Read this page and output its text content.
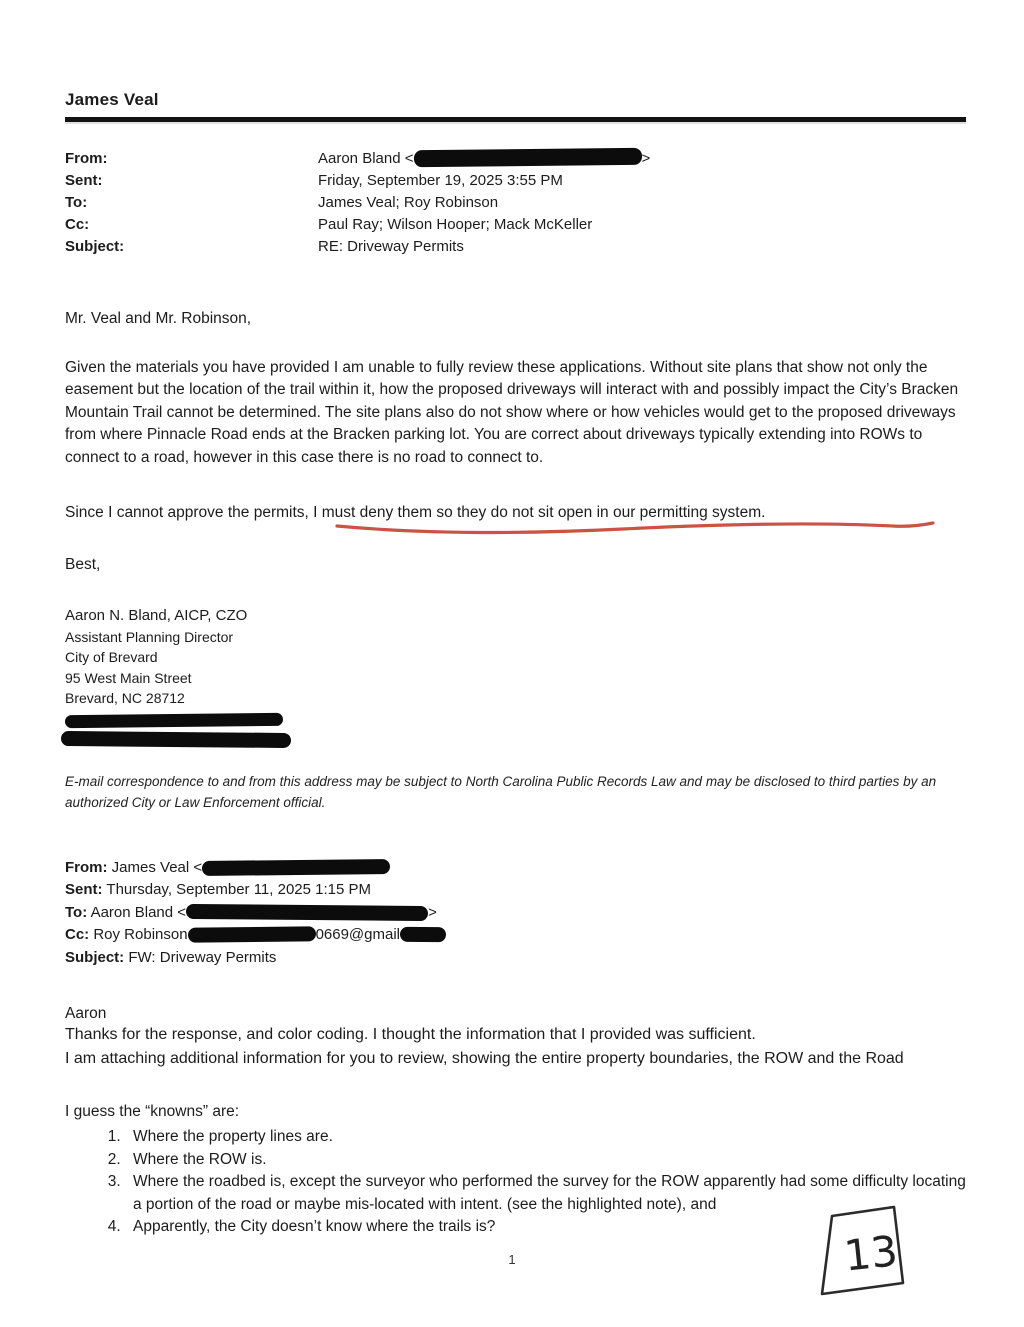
James Veal
From:	Aaron Bland <	>
Sent:	Friday, September 19, 2025 3:55 PM
To:	James Veal; Roy Robinson
Cc:	Paul Ray; Wilson Hooper; Mack McKeller
Subject:	RE: Driveway Permits
Mr. Veal and Mr. Robinson,
Given the materials you have provided I am unable to fully review these applications. Without site plans that show not only the easement but the location of the trail within it, how the proposed driveways will interact with and possibly impact the City’s Bracken Mountain Trail cannot be determined. The site plans also do not show where or how vehicles would get to the proposed driveways from where Pinnacle Road ends at the Bracken parking lot. You are correct about driveways typically extending into ROWs to connect to a road, however in this case there is no road to connect to.
Since I cannot approve the permits, I must deny them so they do not sit open in our permitting system.
Best,
Aaron N. Bland, AICP, CZO
Assistant Planning Director
City of Brevard
95 West Main Street
Brevard, NC 28712
E-mail correspondence to and from this address may be subject to North Carolina Public Records Law and may be disclosed to third parties by an authorized City or Law Enforcement official.
From: James Veal <
Sent: Thursday, September 11, 2025 1:15 PM
To: Aaron Bland <	>
Cc: Roy Robinson	0669@gmail
Subject: FW: Driveway Permits
Aaron
Thanks for the response, and color coding. I thought the information that I provided was sufficient.
I am attaching additional information for you to review, showing the entire property boundaries, the ROW and the Road
I guess the “knowns” are:
1. Where the property lines are.
2. Where the ROW is.
3. Where the roadbed is, except the surveyor who performed the survey for the ROW apparently had some difficulty locating a portion of the road or maybe mis-located with intent. (see the highlighted note), and
4. Apparently, the City doesn’t know where the trails is?
1	13
